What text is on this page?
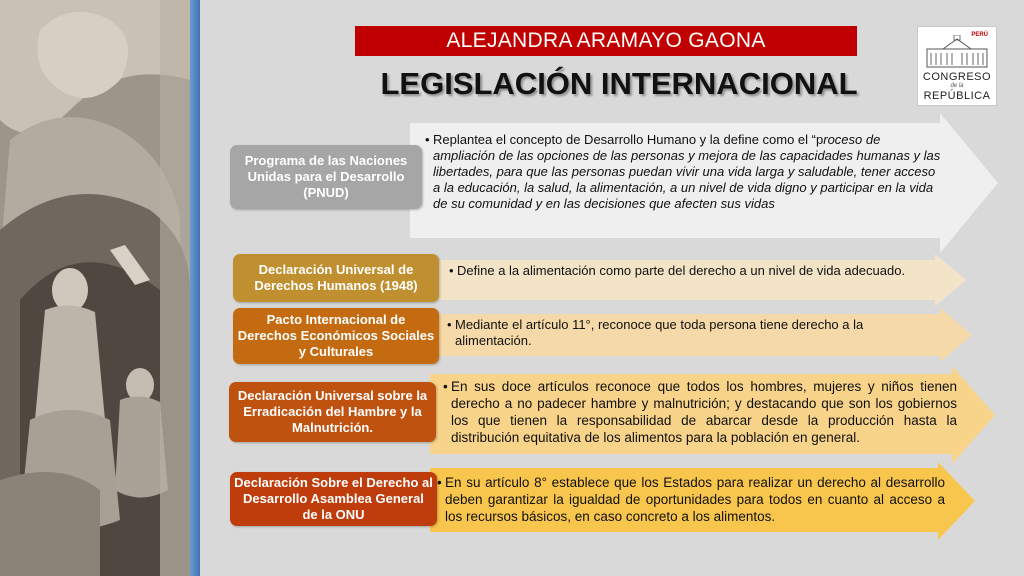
ALEJANDRA ARAMAYO GAONA
LEGISLACIÓN INTERNACIONAL
PERÚ
CONGRESO
de la
REPÚBLICA
• Replantea el concepto de Desarrollo Humano y la define como el “proceso de ampliación de las opciones de las personas y mejora de las capacidades humanas y las libertades, para que las personas puedan vivir una vida larga y saludable, tener acceso a la educación, la salud, la alimentación, a un nivel de vida digno y participar en la vida de su comunidad y en las decisiones que afecten sus vidas
Programa de las Naciones Unidas para el Desarrollo (PNUD)
• Define a la alimentación como parte del derecho a un nivel de vida adecuado.
Declaración Universal de Derechos Humanos (1948)
• Mediante el artículo 11°, reconoce que toda persona tiene derecho a la alimentación.
Pacto Internacional de Derechos Económicos Sociales y Culturales
• En sus doce artículos reconoce que todos los hombres, mujeres y niños tienen derecho a no padecer hambre y malnutrición; y destacando que son los gobiernos los que tienen la responsabilidad de abarcar desde la producción hasta la distribución equitativa de los alimentos para la población en general.
Declaración Universal sobre la Erradicación del Hambre y la Malnutrición.
• En su artículo 8° establece que los Estados para realizar un derecho al desarrollo deben garantizar la igualdad de oportunidades para todos en cuanto al acceso a los recursos básicos, en caso concreto a los alimentos.
Declaración Sobre el Derecho al Desarrollo Asamblea General de la ONU
